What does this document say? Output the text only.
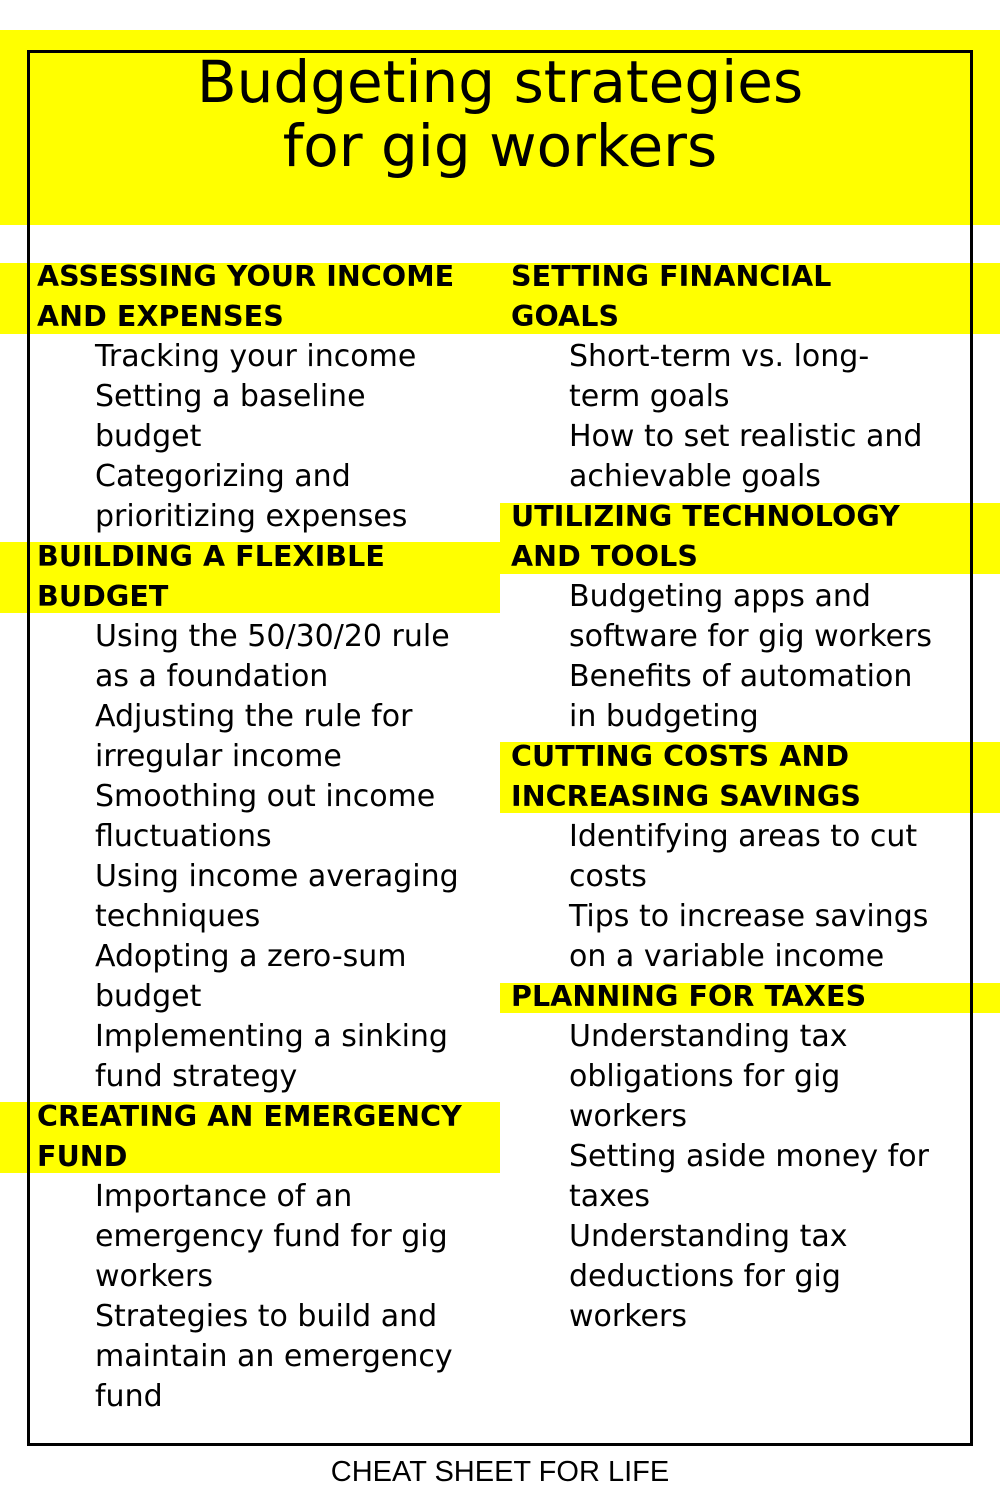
Budgeting strategies
for gig workers
ASSESSING YOUR INCOME
AND EXPENSES
Tracking your income
Setting a baseline
budget
Categorizing and
prioritizing expenses
BUILDING A FLEXIBLE
BUDGET
Using the 50/30/20 rule
as a foundation
Adjusting the rule for
irregular income
Smoothing out income
fluctuations
Using income averaging
techniques
Adopting a zero-sum
budget
Implementing a sinking
fund strategy
CREATING AN EMERGENCY
FUND
Importance of an
emergency fund for gig
workers
Strategies to build and
maintain an emergency
fund
SETTING FINANCIAL
GOALS
Short-term vs. long-
term goals
How to set realistic and
achievable goals
UTILIZING TECHNOLOGY
AND TOOLS
Budgeting apps and
software for gig workers
Benefits of automation
in budgeting
CUTTING COSTS AND
INCREASING SAVINGS
Identifying areas to cut
costs
Tips to increase savings
on a variable income
PLANNING FOR TAXES
Understanding tax
obligations for gig
workers
Setting aside money for
taxes
Understanding tax
deductions for gig
workers
CHEAT SHEET FOR LIFE
